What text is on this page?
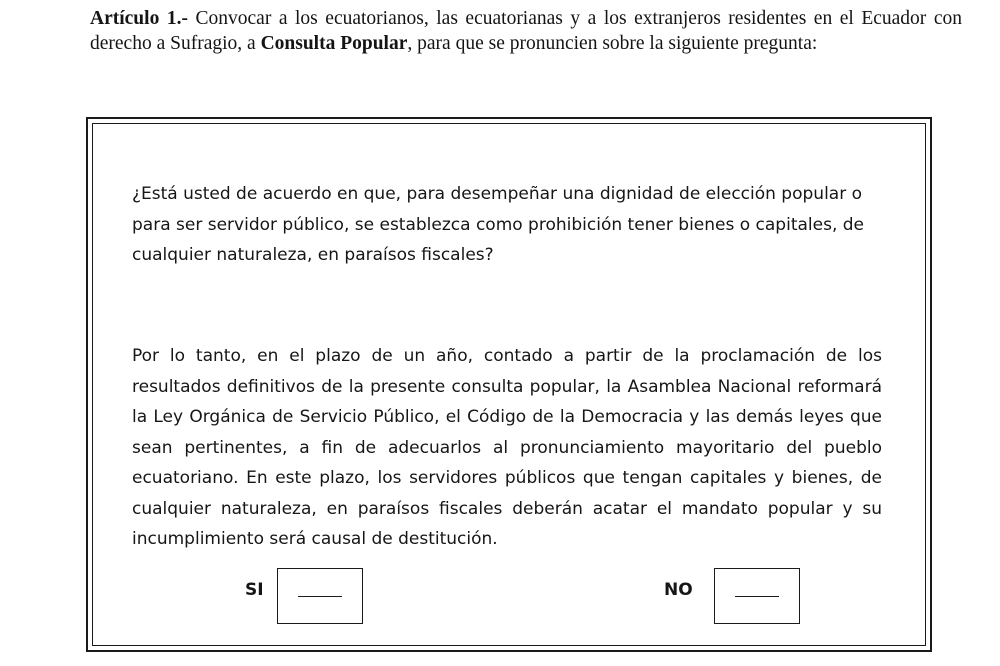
Artículo 1.- Convocar a los ecuatorianos, las ecuatorianas y a los extranjeros residentes en el Ecuador con derecho a Sufragio, a Consulta Popular, para que se pronuncien sobre la siguiente pregunta:
¿Está usted de acuerdo en que, para desempeñar una dignidad de elección popular o para ser servidor público, se establezca como prohibición tener bienes o capitales, de cualquier naturaleza, en paraísos fiscales?
Por lo tanto, en el plazo de un año, contado a partir de la proclamación de los resultados definitivos de la presente consulta popular, la Asamblea Nacional reformará la Ley Orgánica de Servicio Público, el Código de la Democracia y las demás leyes que sean pertinentes, a fin de adecuarlos al pronunciamiento mayoritario del pueblo ecuatoriano. En este plazo, los servidores públicos que tengan capitales y bienes, de cualquier naturaleza, en paraísos fiscales deberán acatar el mandato popular y su incumplimiento será causal de destitución.
SI	NO
